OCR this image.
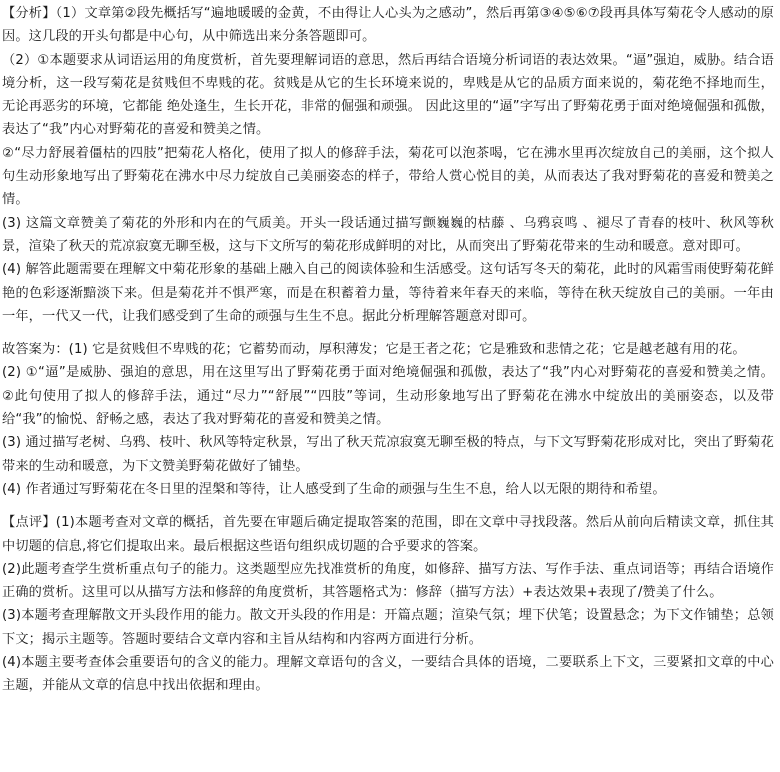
【分析】（1）文章第②段先概括写“遍地暖暖的金黄，不由得让人心头为之感动”，然后再第③④⑤⑥⑦段再具体写菊花令人感动的原因。这几段的开头句都是中心句，从中筛选出来分条答题即可。

（2）①本题要求从词语运用的角度赏析，首先要理解词语的意思，然后再结合语境分析词语的表达效果。“逼”强迫，威胁。结合语境分析，这一段写菊花是贫贱但不卑贱的花。贫贱是从它的生长环境来说的，卑贱是从它的品质方面来说的，菊花绝不择地而生，无论再恶劣的环境，它都能 绝处逢生，生长开花，非常的倔强和顽强。 因此这里的“逼”字写出了野菊花勇于面对绝境倔强和孤傲，表达了“我”内心对野菊花的喜爱和赞美之情。

②“尽力舒展着僵枯的四肢”把菊花人格化，使用了拟人的修辞手法，菊花可以泡茶喝，它在沸水里再次绽放自己的美丽，这个拟人句生动形象地写出了野菊花在沸水中尽力绽放自己美丽姿态的样子，带给人赏心悦目的美，从而表达了我对野菊花的喜爱和赞美之情。

(3) 这篇文章赞美了菊花的外形和内在的气质美。开头一段话通过描写颤巍巍的枯藤 、乌鸦哀鸣 、褪尽了青春的枝叶、秋风等秋景，渲染了秋天的荒凉寂寞无聊至极，这与下文所写的菊花形成鲜明的对比，从而突出了野菊花带来的生动和暖意。意对即可。

(4) 解答此题需要在理解文中菊花形象的基础上融入自己的阅读体验和生活感受。这句话写冬天的菊花，此时的风霜雪雨使野菊花鲜艳的色彩逐渐黯淡下来。但是菊花并不惧严寒，而是在积蓄着力量，等待着来年春天的来临，等待在秋天绽放自己的美丽。一年由一年，一代又一代，让我们感受到了生命的顽强与生生不息。据此分析理解答题意对即可。

故答案为：(1) 它是贫贱但不卑贱的花；它蓄势而动，厚积薄发；它是王者之花；它是雅致和悲情之花；它是越老越有用的花。

(2) ①“逼”是威胁、强迫的意思，用在这里写出了野菊花勇于面对绝境倔强和孤傲，表达了“我”内心对野菊花的喜爱和赞美之情。 ②此句使用了拟人的修辞手法，通过“尽力”“舒展”“四肢”等词，生动形象地写出了野菊花在沸水中绽放出的美丽姿态，以及带给“我”的愉悦、舒畅之感，表达了我对野菊花的喜爱和赞美之情。

(3) 通过描写老树、乌鸦、枝叶、秋风等特定秋景，写出了秋天荒凉寂寞无聊至极的特点，与下文写野菊花形成对比，突出了野菊花带来的生动和暖意，为下文赞美野菊花做好了铺垫。

(4) 作者通过写野菊花在冬日里的涅槃和等待，让人感受到了生命的顽强与生生不息，给人以无限的期待和希望。

【点评】(1)本题考查对文章的概括，首先要在审题后确定提取答案的范围，即在文章中寻找段落。然后从前向后精读文章，抓住其中切题的信息,将它们提取出来。最后根据这些语句组织成切题的合乎要求的答案。

(2)此题考查学生赏析重点句子的能力。这类题型应先找准赏析的角度，如修辞、描写方法、写作手法、重点词语等；再结合语境作正确的赏析。这里可以从描写方法和修辞的角度赏析，其答题格式为：修辞（描写方法）+表达效果+表现了/赞美了什么。

(3)本题考查理解散文开头段作用的能力。散文开头段的作用是：开篇点题；渲染气氛；埋下伏笔；设置悬念；为下文作铺垫；总领下文；揭示主题等。答题时要结合文章内容和主旨从结构和内容两方面进行分析。

(4)本题主要考查体会重要语句的含义的能力。理解文章语句的含义，一要结合具体的语境，二要联系上下文，三要紧扣文章的中心主题，并能从文章的信息中找出依据和理由。
